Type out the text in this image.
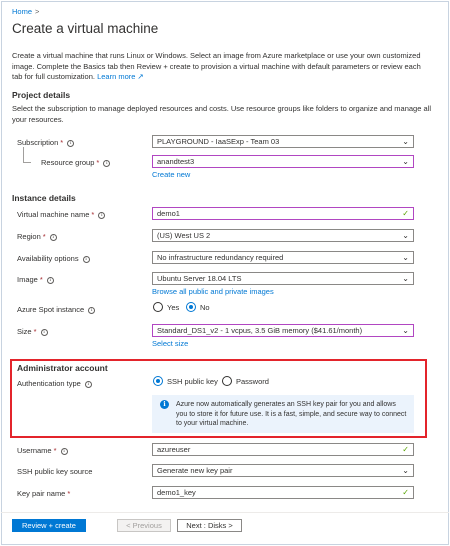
Home >
Create a virtual machine
Create a virtual machine that runs Linux or Windows. Select an image from Azure marketplace or use your own customized image. Complete the Basics tab then Review + create to provision a virtual machine with default parameters or review each tab for full customization. Learn more ↗
Project details
Select the subscription to manage deployed resources and costs. Use resource groups like folders to organize and manage all your resources.
Subscription * i	PLAYGROUND - IaaSExp - Team 03	⌄
Resource group * i	anandtest3	⌄
Create new
Instance details
Virtual machine name * i	demo1	✓
Region * i	(US) West US 2	⌄
Availability options i	No infrastructure redundancy required	⌄
Image * i	Ubuntu Server 18.04 LTS	⌄
Browse all public and private images
Azure Spot instance i	Yes	No
Size * i	Standard_DS1_v2 - 1 vcpus, 3.5 GiB memory ($41.61/month)	⌄
Select size
Administrator account
Authentication type i	SSH public key Password
i	Azure now automatically generates an SSH key pair for you and allows you to store it for future use. It is a fast, simple, and secure way to connect to your virtual machine.
Username * i	azureuser	✓
SSH public key source	Generate new key pair	⌄
Key pair name *	demo1_key	✓
Review + create	< Previous	Next : Disks >
